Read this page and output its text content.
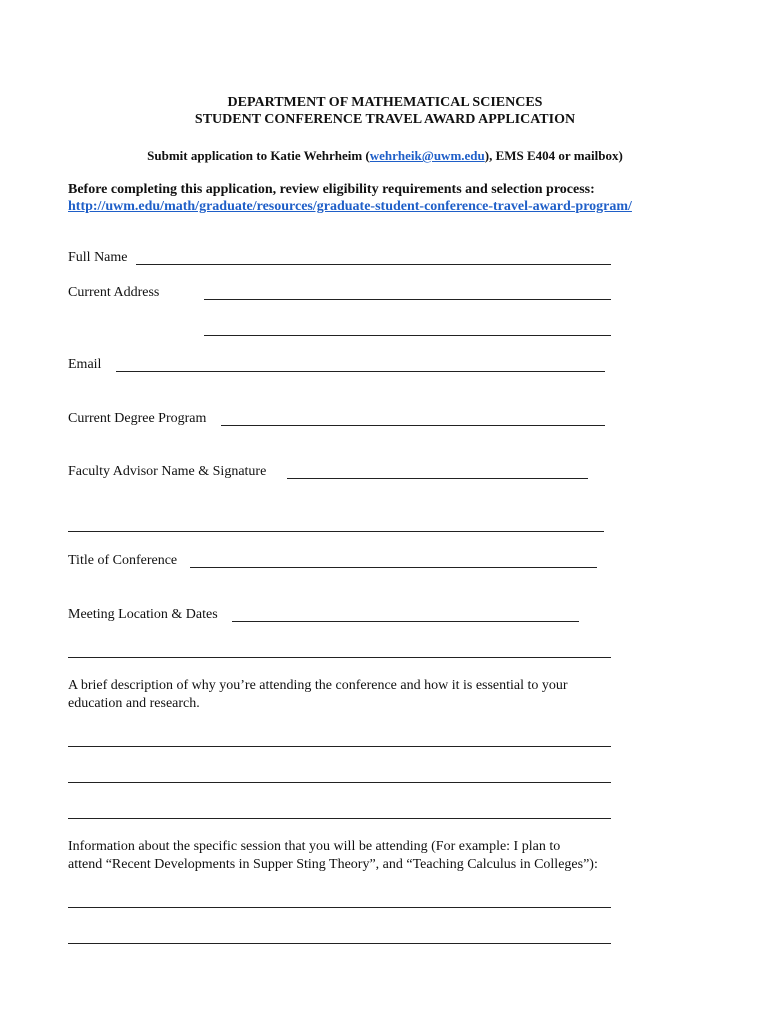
DEPARTMENT OF MATHEMATICAL SCIENCES
STUDENT CONFERENCE TRAVEL AWARD APPLICATION
Submit application to Katie Wehrheim (wehrheik@uwm.edu), EMS E404 or mailbox)
Before completing this application, review eligibility requirements and selection process:
http://uwm.edu/math/graduate/resources/graduate-student-conference-travel-award-program/
Full Name
Current Address
Email
Current Degree Program
Faculty Advisor Name & Signature
Title of Conference
Meeting Location & Dates
A brief description of why you’re attending the conference and how it is essential to your
education and research.
Information about the specific session that you will be attending (For example: I plan to
attend “Recent Developments in Supper Sting Theory”, and “Teaching Calculus in Colleges”):
